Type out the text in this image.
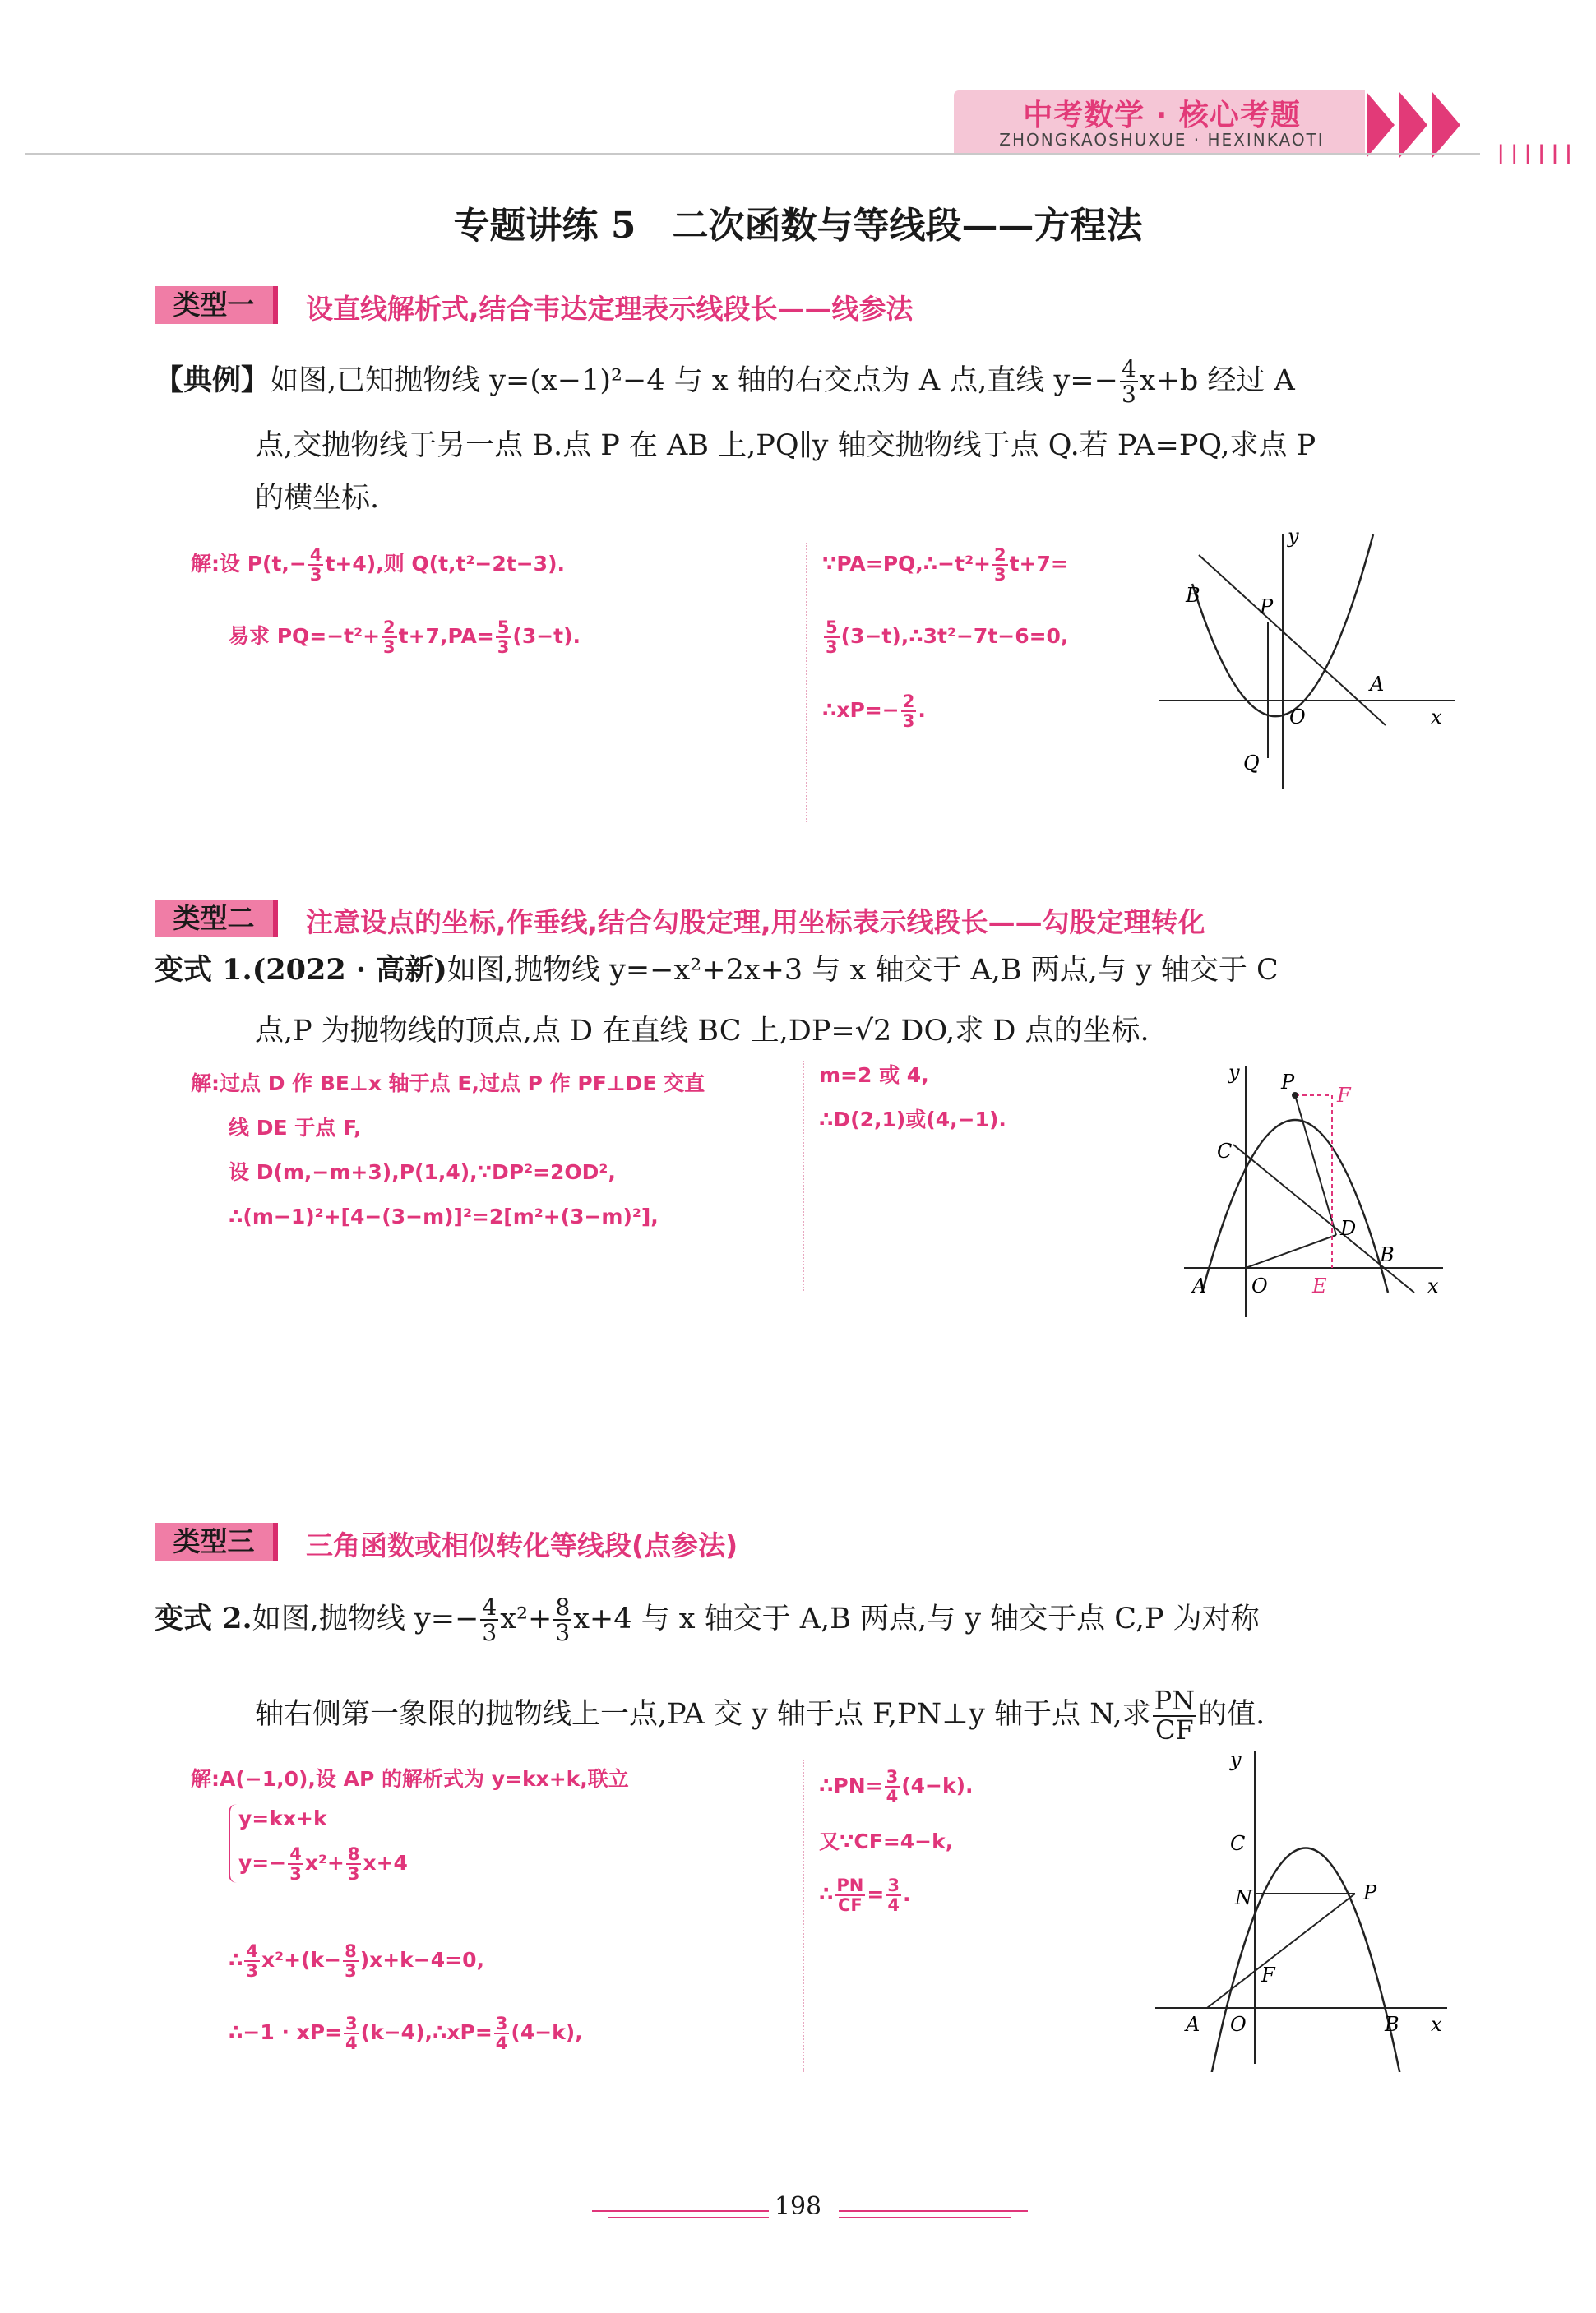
中考数学 · 核心考题
ZHONGKAOSHUXUE · HEXINKAOTI
||||||
专题讲练 5　二次函数与等线段——方程法
类型一	设直线解析式,结合韦达定理表示线段长——线参法
【典例】如图,已知抛物线 y=(x−1)²−4 与 x 轴的右交点为 A 点,直线 $y=- \frac{4}{3} x+b$ 经过 A
点,交抛物线于另一点 B.点 P 在 AB 上,PQ∥y 轴交抛物线于点 Q.若 PA=PQ,求点 P
的横坐标.
解:设 $P(t,- \frac{4}{3} t+4)$,则 Q(t,t²−2t−3).
易求 $PQ=-t^2+ \frac{2}{3} t+7,PA= \frac{5}{3} (3-t)$.
∵PA=PQ,∴−t²+ $\frac{2}{3} t+7=$
$\frac{5}{3}$ (3−t),∴3t²−7t−6=0,
∴xP=− $\frac{2}{3}$ .
y
B	P
A
O	x
Q
类型二	注意设点的坐标,作垂线,结合勾股定理,用坐标表示线段长——勾股定理转化
变式 1.(2022 · 高新)如图,抛物线 y=−x²+2x+3 与 x 轴交于 A,B 两点,与 y 轴交于 C
点,P 为抛物线的顶点,点 D 在直线 BC 上,DP=√2 DO,求 D 点的坐标.
解:过点 D 作 BE⊥x 轴于点 E,过点 P 作 PF⊥DE 交直
线 DE 于点 F,
设 D(m,−m+3),P(1,4),∵DP²=2OD²,
∴(m−1)²+[4−(3−m)]²=2[m²+(3−m)²],
m=2 或 4,
∴D(2,1)或(4,−1).
y P
F
C
D
A O E
B
x
类型三	三角函数或相似转化等线段(点参法)
变式 2.如图,抛物线 $y=- \frac{4}{3} x^2+ \frac{8}{3} x+4$ 与 x 轴交于 A,B 两点,与 y 轴交于点 C,P 为对称
轴右侧第一象限的抛物线上一点,PA 交 y 轴于点 F,PN⊥y 轴于点 N,求 $\frac{PN}{CF}$ 的值.
解:A(−1,0),设 AP 的解析式为 y=kx+k,联立
y=kx+k
$y=- \frac{4}{3} x^2+ \frac{8}{3} x+4$
∴ $\frac{4}{3} x^2+(k- \frac{8}{3} )x+k-4=0$,
∴−1 · $xP= \frac{3}{4}$ (k−4),∴xP= $\frac{3}{4} (4-k)$,
∴PN= $\frac{3}{4} (4-k)$.
又∵CF=4−k,
∴ $\frac{PN}{CF} = \frac{3}{4}$ .
y
C
N	P
F
A O	B x
198
